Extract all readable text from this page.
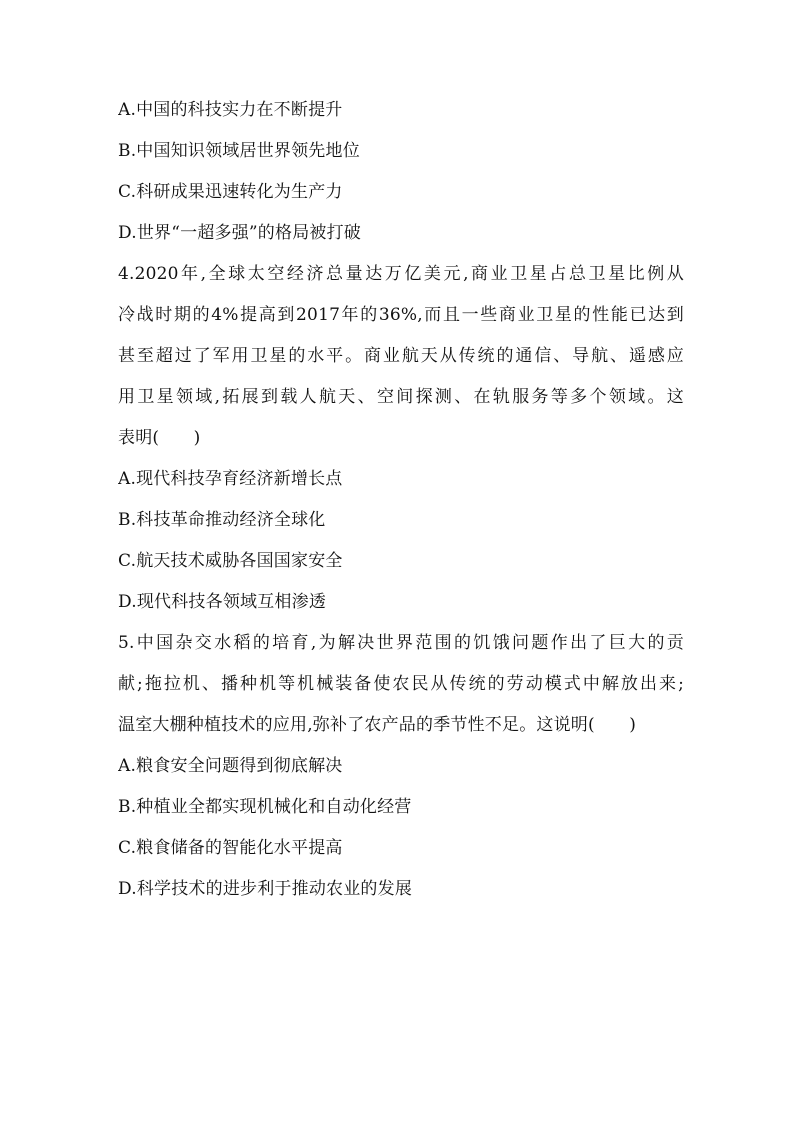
A.中国的科技实力在不断提升
B.中国知识领域居世界领先地位
C.科研成果迅速转化为生产力
D.世界“一超多强”的格局被打破
4.2020年,全球太空经济总量达万亿美元,商业卫星占总卫星比例从
冷战时期的4%提高到2017年的36%,而且一些商业卫星的性能已达到
甚至超过了军用卫星的水平。商业航天从传统的通信、导航、遥感应
用卫星领域,拓展到载人航天、空间探测、在轨服务等多个领域。这
表明(　　)
A.现代科技孕育经济新增长点
B.科技革命推动经济全球化
C.航天技术威胁各国国家安全
D.现代科技各领域互相渗透
5.中国杂交水稻的培育,为解决世界范围的饥饿问题作出了巨大的贡
献;拖拉机、播种机等机械装备使农民从传统的劳动模式中解放出来;
温室大棚种植技术的应用,弥补了农产品的季节性不足。这说明(　　)
A.粮食安全问题得到彻底解决
B.种植业全都实现机械化和自动化经营
C.粮食储备的智能化水平提高
D.科学技术的进步利于推动农业的发展
